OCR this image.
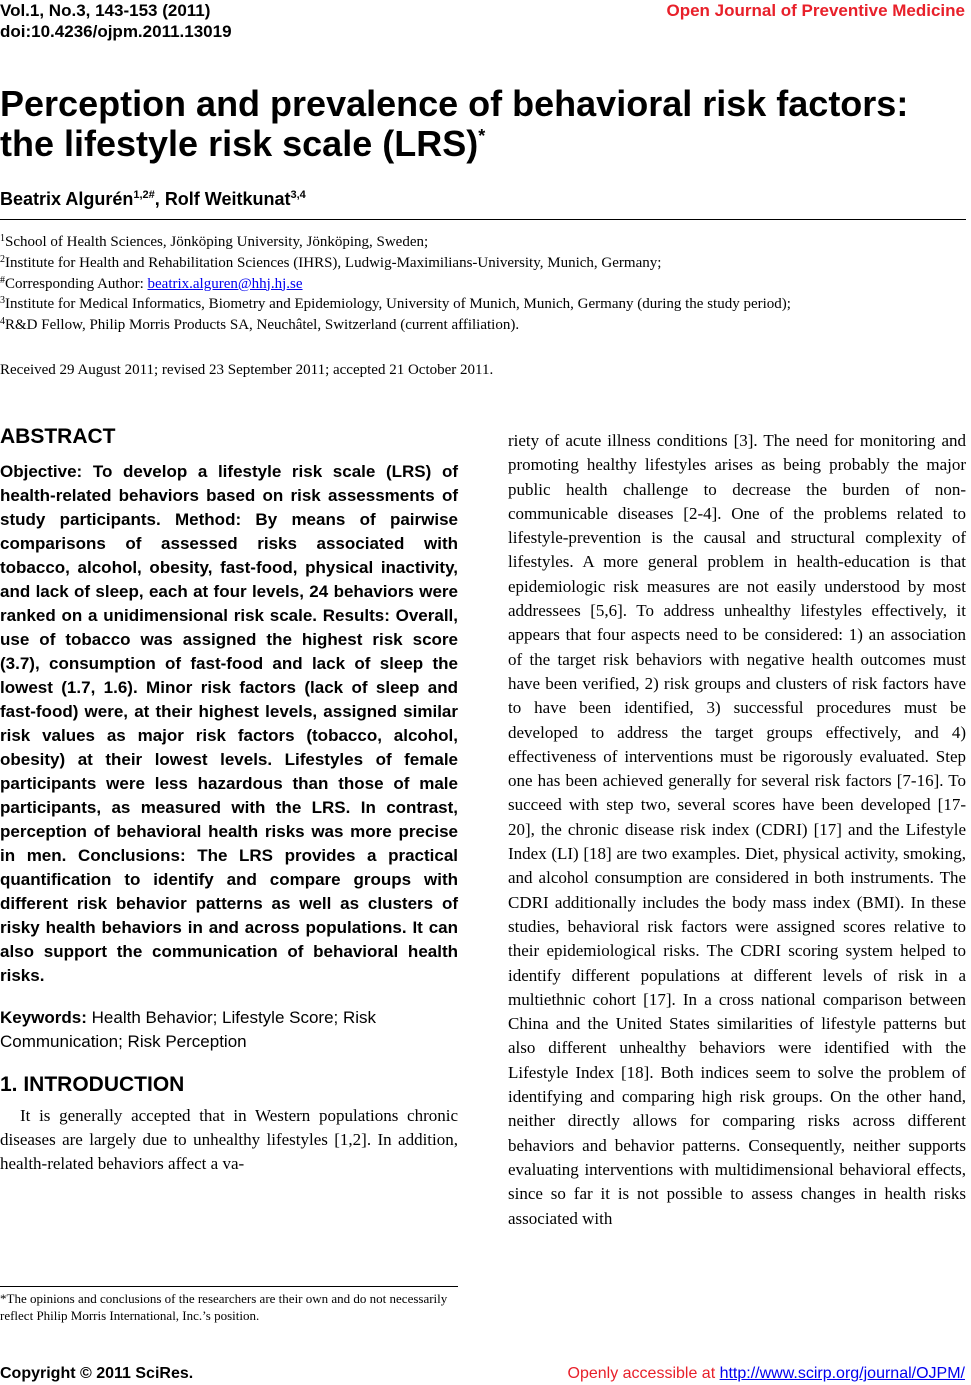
Vol.1, No.3, 143-153 (2011)
doi:10.4236/ojpm.2011.13019
Open Journal of Preventive Medicine
Perception and prevalence of behavioral risk factors:
the lifestyle risk scale (LRS)*
Beatrix Algurén$^{1,2\#}$, Rolf Weitkunat$^{3,4}$
$^1$School of Health Sciences, Jönköping University, Jönköping, Sweden;
$^2$Institute for Health and Rehabilitation Sciences (IHRS), Ludwig-Maximilians-University, Munich, Germany;
#Corresponding Author: beatrix.alguren@hhj.hj.se
$^3$Institute for Medical Informatics, Biometry and Epidemiology, University of Munich, Munich, Germany (during the study period);
$^4$R&D Fellow, Philip Morris Products SA, Neuchâtel, Switzerland (current affiliation).
Received 29 August 2011; revised 23 September 2011; accepted 21 October 2011.
ABSTRACT

Objective: To develop a lifestyle risk scale (LRS) of health-related behaviors based on risk assessments of study participants. Method: By means of pairwise comparisons of assessed risks associated with tobacco, alcohol, obesity, fast-food, physical inactivity, and lack of sleep, each at four levels, 24 behaviors were ranked on a unidimensional risk scale. Results: Overall, use of tobacco was assigned the highest risk score (3.7), consumption of fast-food and lack of sleep the lowest (1.7, 1.6). Minor risk factors (lack of sleep and fast-food) were, at their highest levels, assigned similar risk values as major risk factors (tobacco, alcohol, obesity) at their lowest levels. Lifestyles of female participants were less hazardous than those of male participants, as measured with the LRS. In contrast, perception of behavioral health risks was more precise in men. Conclusions: The LRS provides a practical quantification to identify and compare groups with different risk behavior patterns as well as clusters of risky health behaviors in and across populations. It can also support the communication of behavioral health risks.

Keywords: Health Behavior; Lifestyle Score; Risk Communication; Risk Perception

1. INTRODUCTION

It is generally accepted that in Western populations chronic diseases are largely due to unhealthy lifestyles [1,2]. In addition, health-related behaviors affect a va-

riety of acute illness conditions [3]. The need for monitoring and promoting healthy lifestyles arises as being probably the major public health challenge to decrease the burden of non-communicable diseases [2-4]. One of the problems related to lifestyle-prevention is the causal and structural complexity of lifestyles. A more general problem in health-education is that epidemiologic risk measures are not easily understood by most addressees [5,6]. To address unhealthy lifestyles effectively, it appears that four aspects need to be considered: 1) an association of the target risk behaviors with negative health outcomes must have been verified, 2) risk groups and clusters of risk factors have to have been identified, 3) successful procedures must be developed to address the target groups effectively, and 4) effectiveness of interventions must be rigorously evaluated. Step one has been achieved generally for several risk factors [7-16]. To succeed with step two, several scores have been developed [17-20], the chronic disease risk index (CDRI) [17] and the Lifestyle Index (LI) [18] are two examples. Diet, physical activity, smoking, and alcohol consumption are considered in both instruments. The CDRI additionally includes the body mass index (BMI). In these studies, behavioral risk factors were assigned scores relative to their epidemiological risks. The CDRI scoring system helped to identify different populations at different levels of risk in a multiethnic cohort [17]. In a cross national comparison between China and the United States similarities of lifestyle patterns but also different unhealthy behaviors were identified with the Lifestyle Index [18]. Both indices seem to solve the problem of identifying and comparing high risk groups. On the other hand, neither directly allows for comparing risks across different behaviors and behavior patterns. Consequently, neither supports evaluating interventions with multidimensional behavioral effects, since so far it is not possible to assess changes in health risks associated with

*The opinions and conclusions of the researchers are their own and do not necessarily reflect Philip Morris International, Inc.’s position.
Copyright © 2011 SciRes.	Openly accessible at http://www.scirp.org/journal/OJPM/
